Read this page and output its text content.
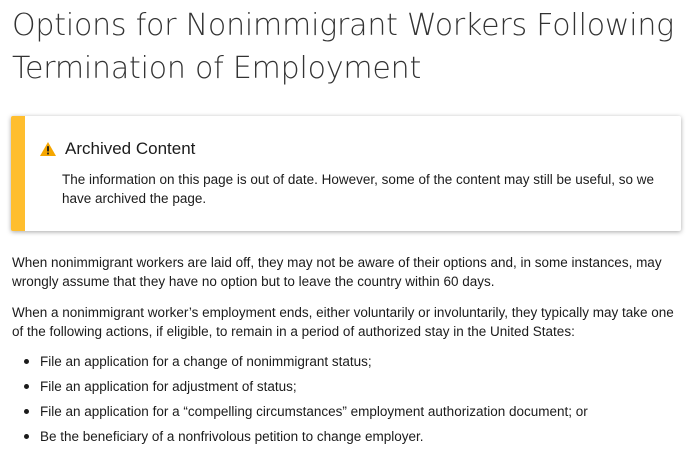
Options for Nonimmigrant Workers Following Termination of Employment
Archived Content

The information on this page is out of date. However, some of the content may still be useful, so we have archived the page.

When nonimmigrant workers are laid off, they may not be aware of their options and, in some instances, may wrongly assume that they have no option but to leave the country within 60 days.

When a nonimmigrant worker’s employment ends, either voluntarily or involuntarily, they typically may take one of the following actions, if eligible, to remain in a period of authorized stay in the United States:

File an application for a change of nonimmigrant status;
File an application for adjustment of status;
File an application for a “compelling circumstances” employment authorization document; or
Be the beneficiary of a nonfrivolous petition to change employer.
